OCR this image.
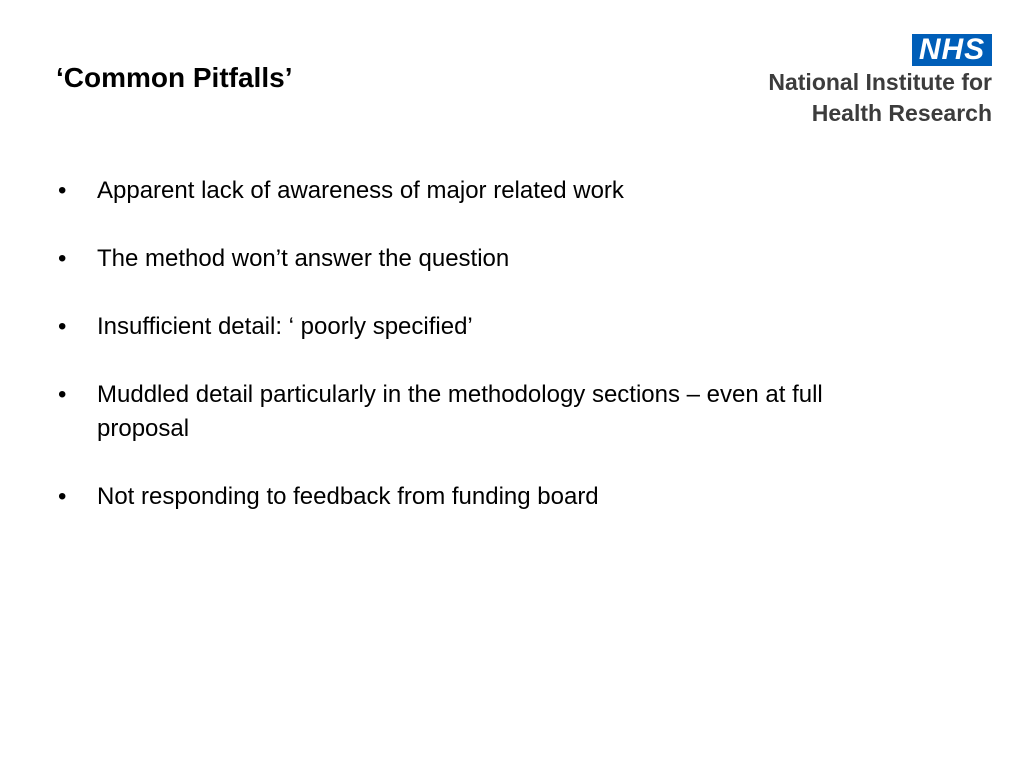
‘Common Pitfalls’
NHS
National Institute for
Health Research
•	Apparent lack of awareness of major related work
•	The method won’t answer the question
•	Insufficient detail: ‘ poorly specified’
•	Muddled detail particularly in the methodology sections – even at full proposal
•	Not responding to feedback from funding board
